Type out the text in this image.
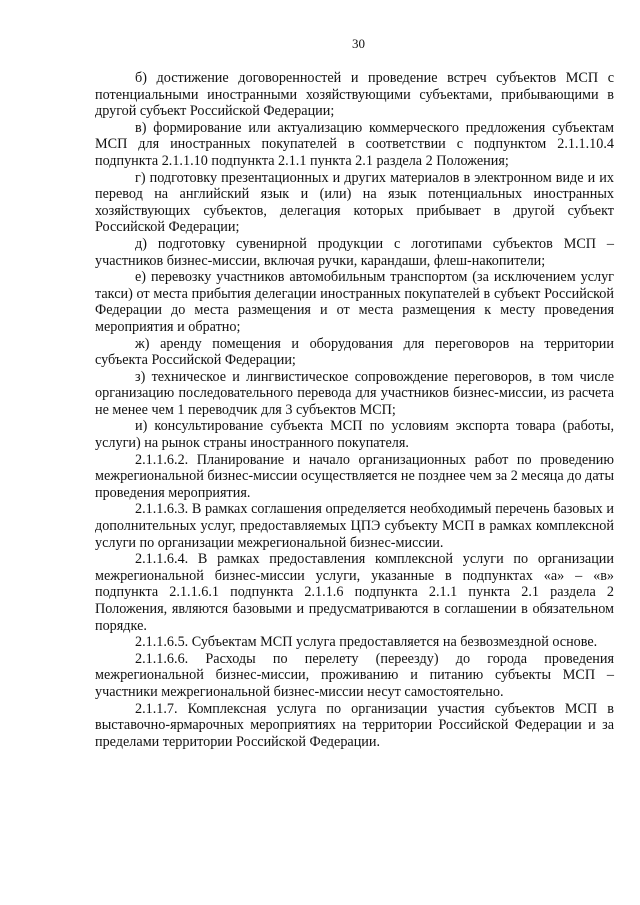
30

б) достижение договоренностей и проведение встреч субъектов МСП с потенциальными иностранными хозяйствующими субъектами, прибывающими в другой субъект Российской Федерации;

в) формирование или актуализацию коммерческого предложения субъектам МСП для иностранных покупателей в соответствии с подпунктом 2.1.1.10.4 подпункта 2.1.1.10 подпункта 2.1.1 пункта 2.1 раздела 2 Положения;

г) подготовку презентационных и других материалов в электронном виде и их перевод на английский язык и (или) на язык потенциальных иностранных хозяйствующих субъектов, делегация которых прибывает в другой субъект Российской Федерации;

д) подготовку сувенирной продукции с логотипами субъектов МСП – участников бизнес-миссии, включая ручки, карандаши, флеш-накопители;

е) перевозку участников автомобильным транспортом (за исключением услуг такси) от места прибытия делегации иностранных покупателей в субъект Российской Федерации до места размещения и от места размещения к месту проведения мероприятия и обратно;

ж) аренду помещения и оборудования для переговоров на территории субъекта Российской Федерации;

з) техническое и лингвистическое сопровождение переговоров, в том числе организацию последовательного перевода для участников бизнес-миссии, из расчета не менее чем 1 переводчик для 3 субъектов МСП;

и) консультирование субъекта МСП по условиям экспорта товара (работы, услуги) на рынок страны иностранного покупателя.

2.1.1.6.2. Планирование и начало организационных работ по проведению межрегиональной бизнес-миссии осуществляется не позднее чем за 2 месяца до даты проведения мероприятия.

2.1.1.6.3. В рамках соглашения определяется необходимый перечень базовых и дополнительных услуг, предоставляемых ЦПЭ субъекту МСП в рамках комплексной услуги по организации межрегиональной бизнес-миссии.

2.1.1.6.4. В рамках предоставления комплексной услуги по организации межрегиональной бизнес-миссии услуги, указанные в подпунктах «а» – «в» подпункта 2.1.1.6.1 подпункта 2.1.1.6 подпункта 2.1.1 пункта 2.1 раздела 2 Положения, являются базовыми и предусматриваются в соглашении в обязательном порядке.

2.1.1.6.5. Субъектам МСП услуга предоставляется на безвозмездной основе.

2.1.1.6.6. Расходы по перелету (переезду) до города проведения межрегиональной бизнес-миссии, проживанию и питанию субъекты МСП – участники межрегиональной бизнес-миссии несут самостоятельно.

2.1.1.7. Комплексная услуга по организации участия субъектов МСП в выставочно-ярмарочных мероприятиях на территории Российской Федерации и за пределами территории Российской Федерации.
